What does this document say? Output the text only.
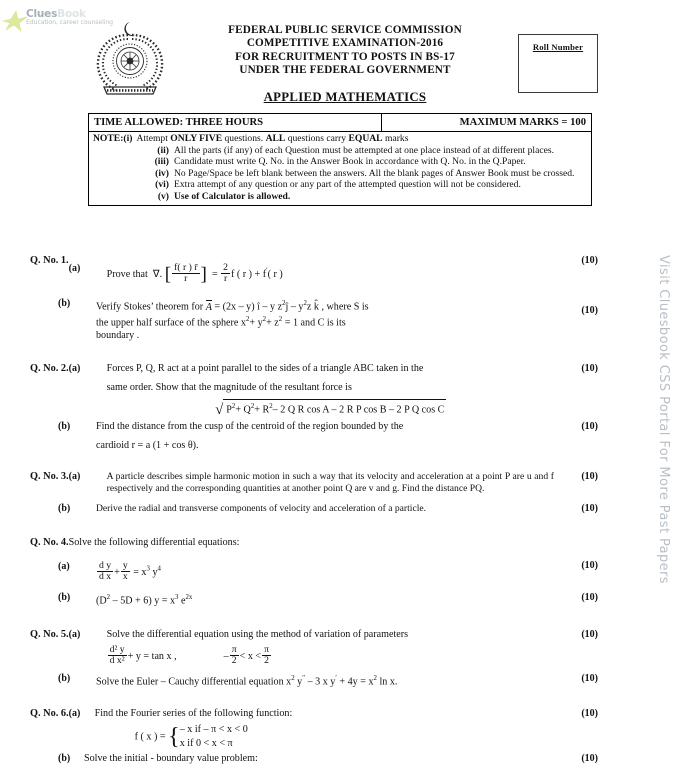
CluesBook
Education, career counseling
Visit Cluesbook CSS Portal For More Past Papers
FEDERAL PUBLIC SERVICE COMMISSION
COMPETITIVE EXAMINATION-2016
FOR RECRUITMENT TO POSTS IN BS-17
UNDER THE FEDERAL GOVERNMENT
Roll Number
APPLIED MATHEMATICS
TIME ALLOWED: THREE HOURS	MAXIMUM MARKS = 100
NOTE: (i) Attempt ONLY FIVE questions. ALL questions carry EQUAL marks
(ii) All the parts (if any) of each Question must be attempted at one place instead of at different places.
(iii) Candidate must write Q. No. in the Answer Book in accordance with Q. No. in the Q.Paper.
(iv) No Page/Space be left blank between the answers. All the blank pages of Answer Book must be crossed.
(vi) Extra attempt of any question or any part of the attempted question will not be considered.
(v) Use of Calculator is allowed.
Q. No. 1.
(a)
Prove that ∇. [ $\frac{f( r ) r̄}{r}$ ] = $\frac{2}{r}$ f ( r ) + f′( r )
(10)
(b)	Verify Stokes’ theorem for A = (2x – y) î – y $z^2ĵ - y^2z$ k̂ , where S is
the upper half surface of the sphere $x^2+ y^2+ z^2 = 1$ and C is its
boundary .
(10)
Q. No. 2. (a)	Forces P, Q, R act at a point parallel to the sides of a triangle ABC taken in the
same order. Show that the magnitude of the resultant force is
√ $P^2+ Q^2+ R^2-$ 2 Q R cos A – 2 R P cos B – 2 P Q cos C
(10)
(b)	Find the distance from the cusp of the centroid of the region bounded by the
cardioid r = a (1 + cos θ).
(10)
Q. No. 3. (a)	A particle describes simple harmonic motion in such a way that its velocity and acceleration at a point P are u and f respectively and the corresponding quantities at another point Q are v and g. Find the distance PQ.
(10)
(b)	Derive the radial and transverse components of velocity and acceleration of a particle.	(10)
Q. No. 4. Solve the following differential equations:
(a)	$\frac{\text{d y}}{\text{d x}} + \frac{y}{x} = x^3$ $y^4$	(10)
(b)	$(D^2 - 5D + 6) y = x^3$ $e^{2x}$	(10)
Q. No. 5. (a)	Solve the differential equation using the method of variation of parameters
$\frac{\text{d² y}}{\text{d x²}} + y = \tan x$ ,	– $\frac{\pi}{2} < x < \frac{\pi}{2}$
(10)
(b)	Solve the Euler – Cauchy differential equation $x^2$ y″ – 3 x $y' + 4y = x^2$ ln x.	(10)
Q. No. 6. (a)	Find the Fourier series of the following function:
f ( x ) = { – x if – π < x < 0
x if 0 < x < π
(10)
(b)	Solve the initial - boundary value problem:	(10)
